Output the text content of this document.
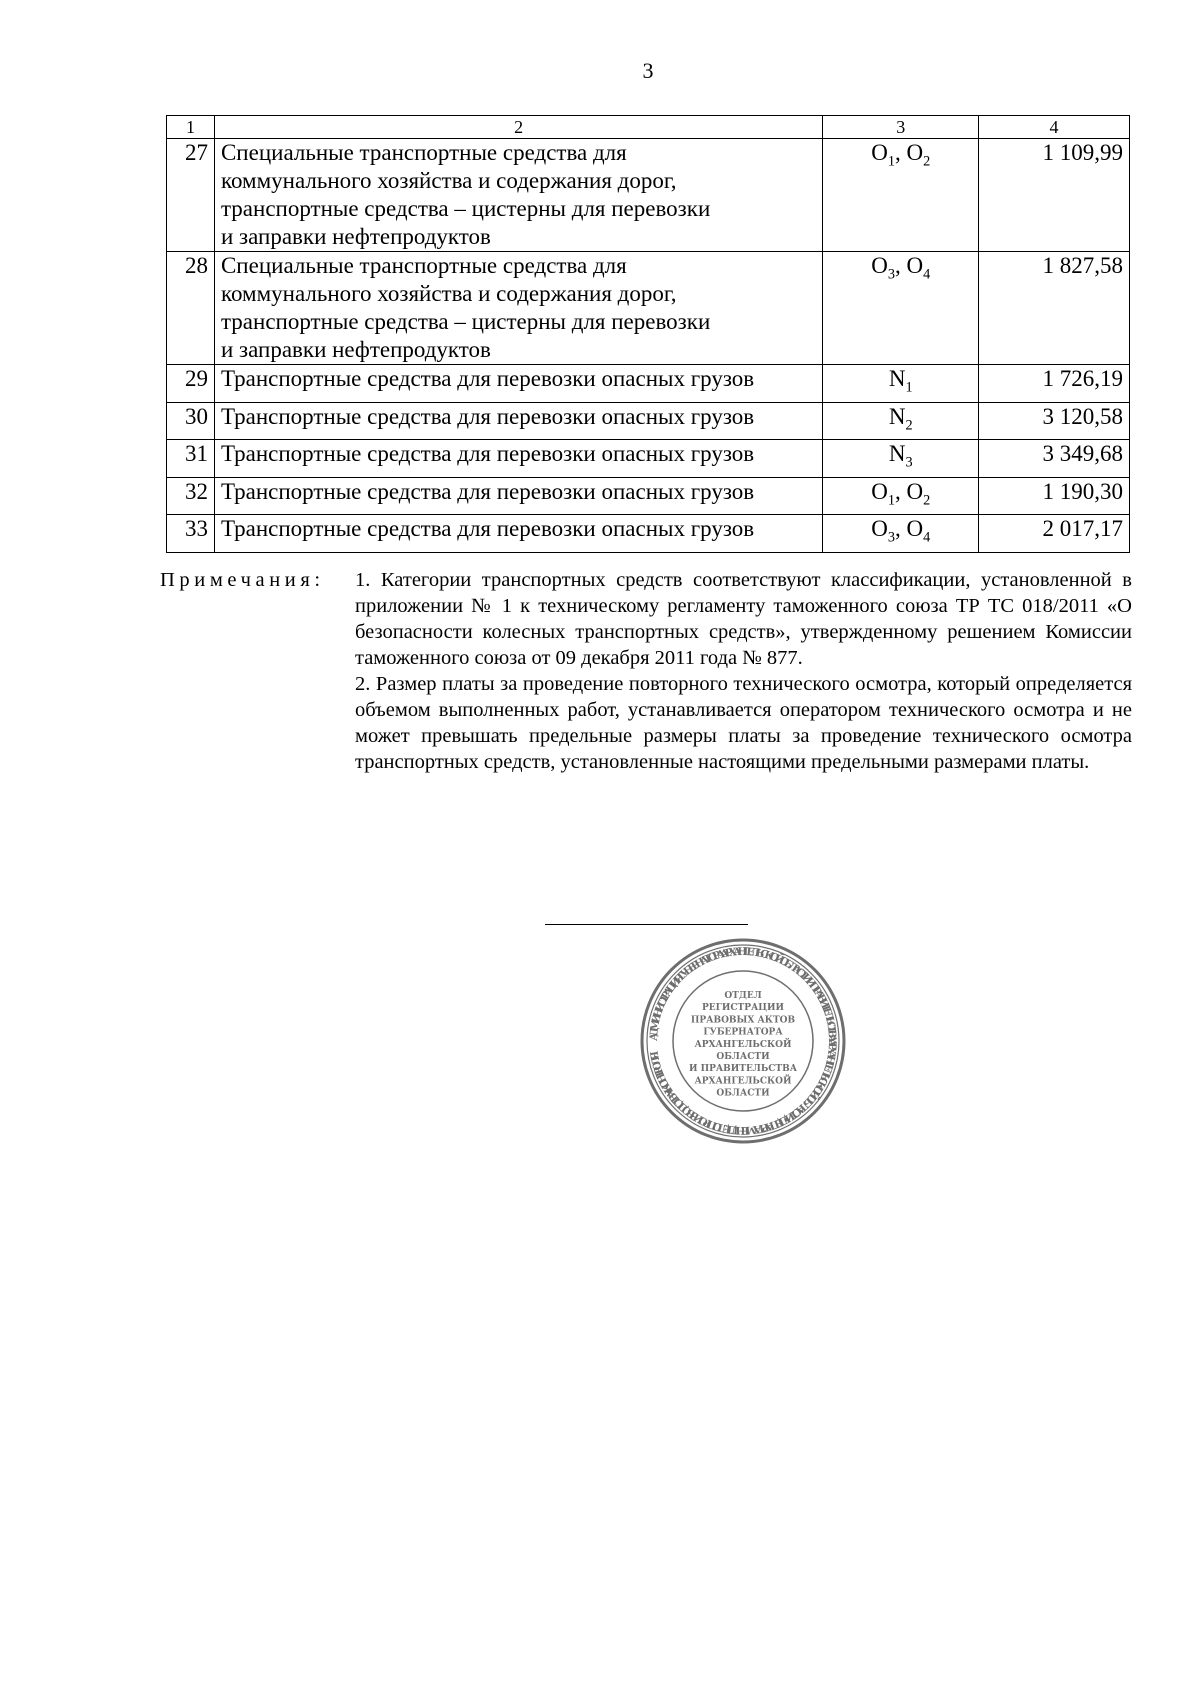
3
1	2	3	4
27	Специальные транспортные средства для
коммунального хозяйства и содержания дорог,
транспортные средства – цистерны для перевозки
и заправки нефтепродуктов	$O_1$, $O_2$	1 109,99
28	Специальные транспортные средства для
коммунального хозяйства и содержания дорог,
транспортные средства – цистерны для перевозки
и заправки нефтепродуктов	$O_3$, $O_4$	1 827,58
29	Транспортные средства для перевозки опасных грузов	$N_1$	1 726,19
30	Транспортные средства для перевозки опасных грузов	$N_2$	3 120,58
31	Транспортные средства для перевозки опасных грузов	$N_3$	3 349,68
32	Транспортные средства для перевозки опасных грузов	$O_1$, $O_2$	1 190,30
33	Транспортные средства для перевозки опасных грузов	$O_3$, $O_4$	2 017,17
Примечания: 1. Категории транспортных средств соответствуют классификации, установленной в приложении № 1 к техническому регламенту таможенного союза ТР ТС 018/2011 «О безопасности колесных транспортных средств», утвержденному решением Комиссии таможенного союза от 09 декабря 2011 года № 877.

2. Размер платы за проведение повторного технического осмотра, который определяется объемом выполненных работ, устанавливается оператором технического осмотра и не может превышать предельные размеры платы за проведение технического осмотра транспортных средств, установленные настоящими предельными размерами платы.

АДМИНИСТРАЦИЯ ГУБЕРНАТОРА АРХАНГЕЛЬСКОЙ ОБЛАСТИ И ПРАВИТЕЛЬСТВА АРХАНГЕЛЬСКОЙ ОБЛАСТИ • ДЕПАРТАМЕНТ ДЕЛОПРОИЗВОДСТВА • КОНТРОЛЯ
ОТДЕЛ
РЕГИСТРАЦИИ
ПРАВОВЫХ АКТОВ
ГУБЕРНАТОРА
АРХАНГЕЛЬСКОЙ
ОБЛАСТИ
И ПРАВИТЕЛЬСТВА
АРХАНГЕЛЬСКОЙ
ОБЛАСТИ
